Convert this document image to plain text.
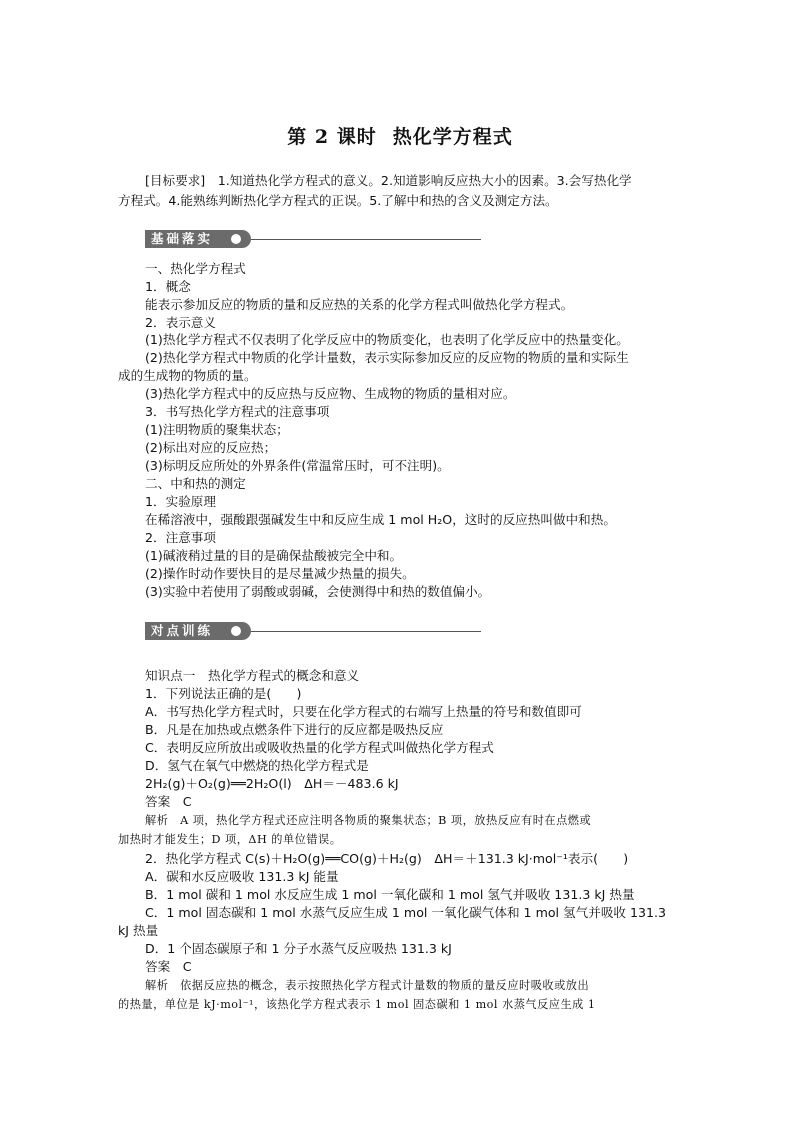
第 2 课时 热化学方程式
[目标要求]　1.知道热化学方程式的意义。2.知道影响反应热大小的因素。3.会写热化学
方程式。4.能熟练判断热化学方程式的正误。5.了解中和热的含义及测定方法。
基础落实
一、热化学方程式
1．概念
能表示参加反应的物质的量和反应热的关系的化学方程式叫做热化学方程式。
2．表示意义
(1)热化学方程式不仅表明了化学反应中的物质变化，也表明了化学反应中的热量变化。
(2)热化学方程式中物质的化学计量数，表示实际参加反应的反应物的物质的量和实际生
成的生成物的物质的量。
(3)热化学方程式中的反应热与反应物、生成物的物质的量相对应。
3．书写热化学方程式的注意事项
(1)注明物质的聚集状态；
(2)标出对应的反应热；
(3)标明反应所处的外界条件(常温常压时，可不注明)。
二、中和热的测定
1．实验原理
在稀溶液中，强酸跟强碱发生中和反应生成 1 mol H₂O，这时的反应热叫做中和热。
2．注意事项
(1)碱液稍过量的目的是确保盐酸被完全中和。
(2)操作时动作要快目的是尽量减少热量的损失。
(3)实验中若使用了弱酸或弱碱，会使测得中和热的数值偏小。
对点训练
知识点一　热化学方程式的概念和意义
1．下列说法正确的是(　　)
A．书写热化学方程式时，只要在化学方程式的右端写上热量的符号和数值即可
B．凡是在加热或点燃条件下进行的反应都是吸热反应
C．表明反应所放出或吸收热量的化学方程式叫做热化学方程式
D．氢气在氧气中燃烧的热化学方程式是
2H₂(g)＋O₂(g)══2H₂O(l)　ΔH＝－483.6 kJ
答案　C
解析　A 项，热化学方程式还应注明各物质的聚集状态；B 项，放热反应有时在点燃或
加热时才能发生；D 项，ΔH 的单位错误。
2．热化学方程式 C(s)＋H₂O(g)══CO(g)＋H₂(g)　ΔH＝＋131.3 kJ·mol⁻¹表示(　　)
A．碳和水反应吸收 131.3 kJ 能量
B．1 mol 碳和 1 mol 水反应生成 1 mol 一氧化碳和 1 mol 氢气并吸收 131.3 kJ 热量
C．1 mol 固态碳和 1 mol 水蒸气反应生成 1 mol 一氧化碳气体和 1 mol 氢气并吸收 131.3
kJ 热量
D．1 个固态碳原子和 1 分子水蒸气反应吸热 131.3 kJ
答案　C
解析　依据反应热的概念，表示按照热化学方程式计量数的物质的量反应时吸收或放出
的热量，单位是 kJ·mol⁻¹，该热化学方程式表示 1 mol 固态碳和 1 mol 水蒸气反应生成 1
